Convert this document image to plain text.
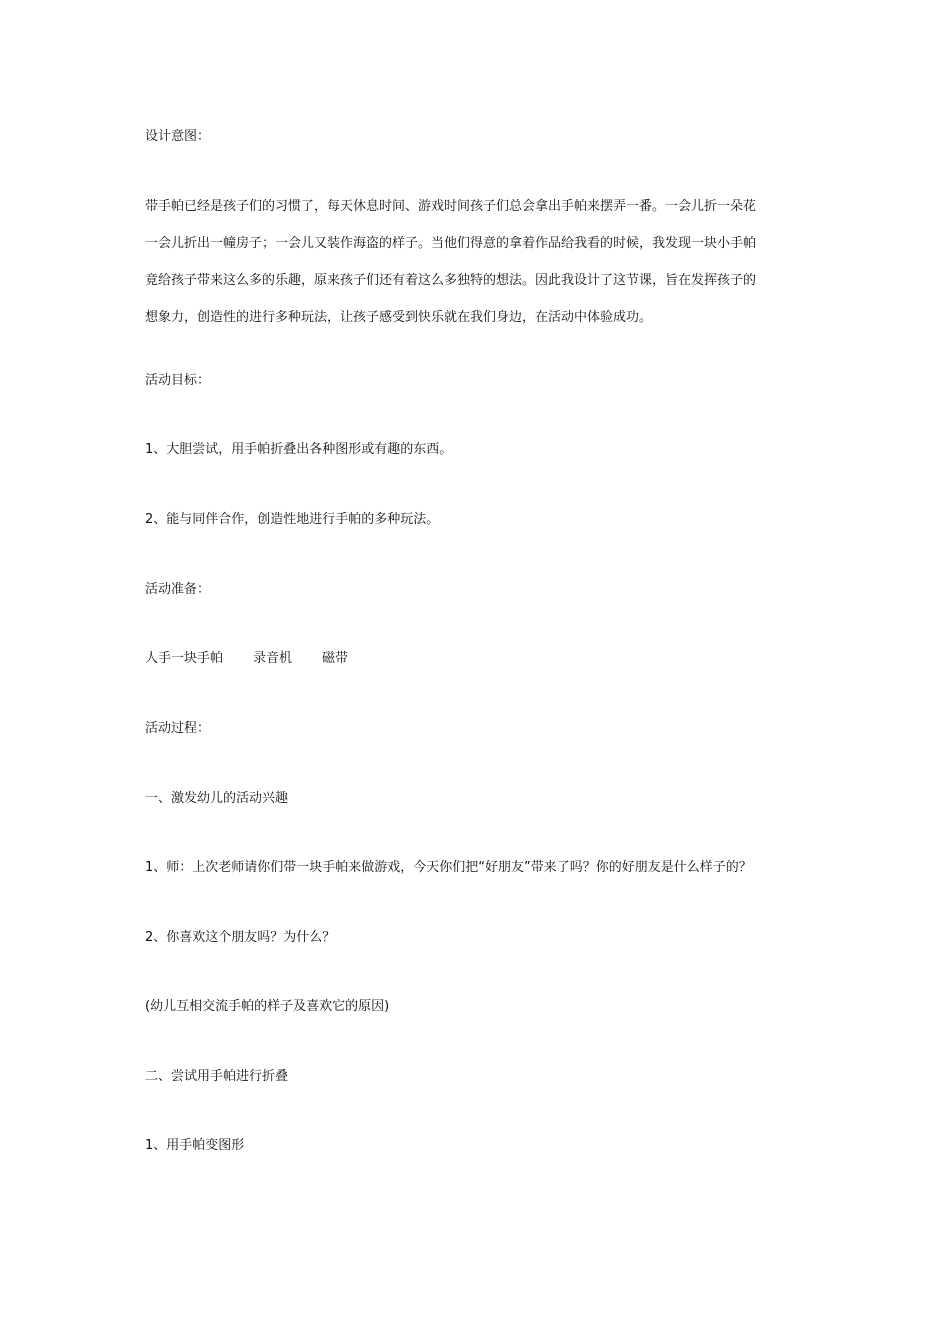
设计意图：

带手帕已经是孩子们的习惯了，每天休息时间、游戏时间孩子们总会拿出手帕来摆弄一番。一会儿折一朵花
一会儿折出一幢房子；一会儿又装作海盗的样子。当他们得意的拿着作品给我看的时候，我发现一块小手帕
竟给孩子带来这么多的乐趣，原来孩子们还有着这么多独特的想法。因此我设计了这节课，旨在发挥孩子的
想象力，创造性的进行多种玩法，让孩子感受到快乐就在我们身边，在活动中体验成功。

活动目标：

1、大胆尝试，用手帕折叠出各种图形或有趣的东西。

2、能与同伴合作，创造性地进行手帕的多种玩法。

活动准备：

人手一块手帕 录音机 磁带

活动过程：

一、激发幼儿的活动兴趣

1、师：上次老师请你们带一块手帕来做游戏，今天你们把“好朋友”带来了吗？你的好朋友是什么样子的？

2、你喜欢这个朋友吗？为什么？

(幼儿互相交流手帕的样子及喜欢它的原因)

二、尝试用手帕进行折叠

1、用手帕变图形
